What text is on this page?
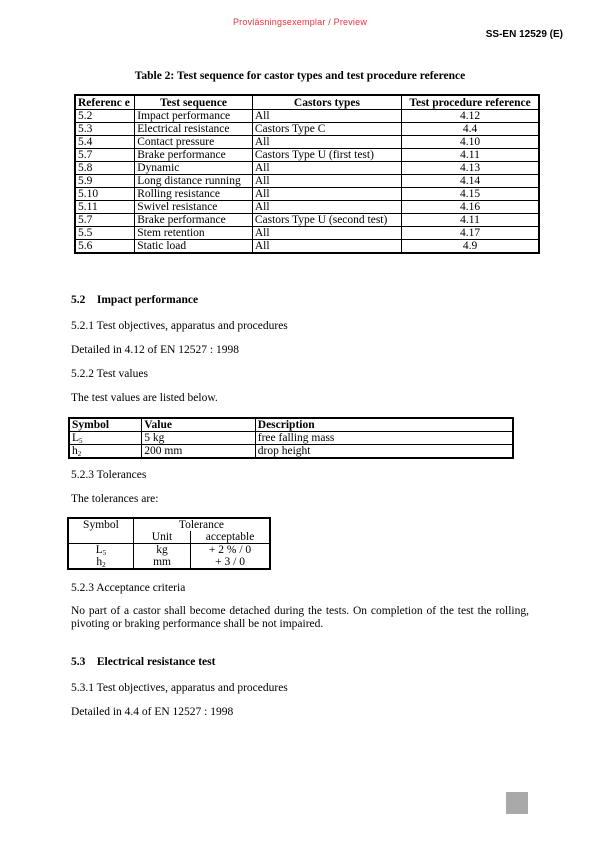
Provläsningsexemplar / Preview
SS-EN 12529 (E)
Table 2: Test sequence for castor types and test procedure reference
Referenc e	Test sequence	Castors types	Test procedure reference
5.2	Impact performance	All	4.12
5.3	Electrical resistance	Castors Type C	4.4
5.4	Contact pressure	All	4.10
5.7	Brake performance	Castors Type U (first test)	4.11
5.8	Dynamic	All	4.13
5.9	Long distance running	All	4.14
5.10	Rolling resistance	All	4.15
5.11	Swivel resistance	All	4.16
5.7	Brake performance	Castors Type U (second test)	4.11
5.5	Stem retention	All	4.17
5.6	Static load	All	4.9
5.2    Impact performance
5.2.1 Test objectives, apparatus and procedures
Detailed in 4.12 of EN 12527 : 1998
5.2.2 Test values
The test values are listed below.
Symbol	Value	Description
$L_5$	5 kg	free falling mass
$h_2$	200 mm	drop height
5.2.3 Tolerances
The tolerances are:
Symbol	Tolerance	
	Unit	acceptable
$L_5$	kg	+ 2 % / 0
$h_2$	mm	+ 3 / 0
5.2.3 Acceptance criteria
No part of a castor shall become detached during the tests. On completion of the test the rolling, pivoting or braking performance shall be not impaired.
5.3    Electrical resistance test
5.3.1 Test objectives, apparatus and procedures
Detailed in 4.4 of EN 12527 : 1998
